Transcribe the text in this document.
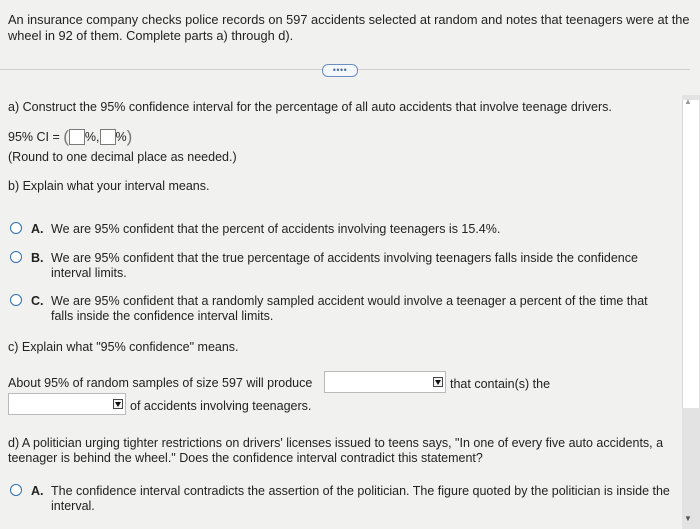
An insurance company checks police records on 597 accidents selected at random and notes that teenagers were at the wheel in 92 of them. Complete parts a) through d).
••••
▲
▼
a) Construct the 95% confidence interval for the percentage of all auto accidents that involve teenage drivers.
95% CI = ( %, %)
(Round to one decimal place as needed.)
b) Explain what your interval means.
A. We are 95% confident that the percent of accidents involving teenagers is 15.4%.
B. We are 95% confident that the true percentage of accidents involving teenagers falls inside the confidence interval limits.
C. We are 95% confident that a randomly sampled accident would involve a teenager a percent of the time that falls inside the confidence interval limits.
c) Explain what "95% confidence" means.
About 95% of random samples of size 597 will produce	that contain(s) the
of accidents involving teenagers.
d) A politician urging tighter restrictions on drivers' licenses issued to teens says, "In one of every five auto accidents, a teenager is behind the wheel." Does the confidence interval contradict this statement?
A. The confidence interval contradicts the assertion of the politician. The figure quoted by the politician is inside the interval.
